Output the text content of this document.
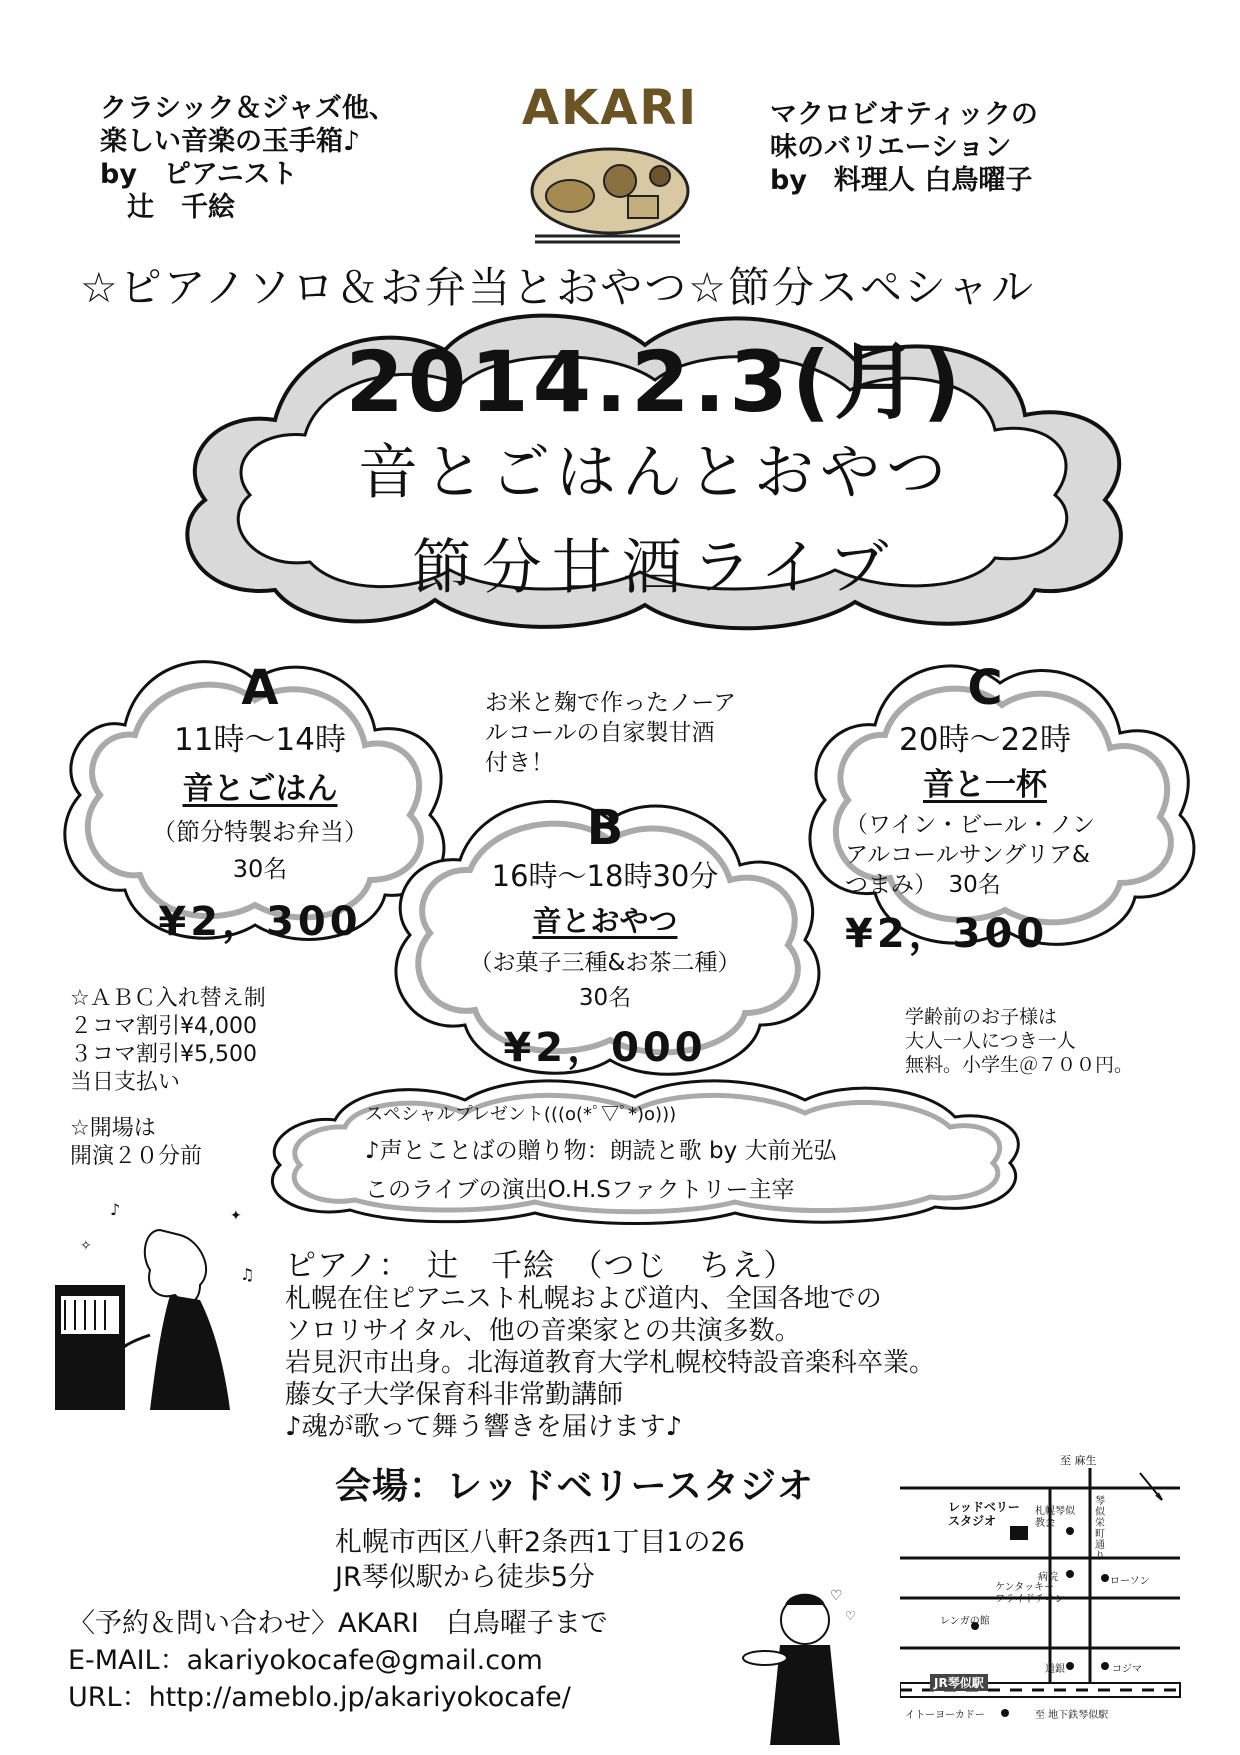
クラシック＆ジャズ他、
楽しい音楽の玉手箱♪
by　ピアニスト
　辻　千絵
AKARI	マクロビオティックの
味のバリエーション
by　料理人 白鳥曜子
☆ピアノソロ＆お弁当とおやつ☆節分スペシャル
2014.2.3(月)
音とごはんとおやつ
節分甘酒ライブ
A
11時〜14時
音とごはん
（節分特製お弁当）
30名
¥2，300
お米と麹で作ったノーア
ルコールの自家製甘酒
付き！
B
16時〜18時30分
音とおやつ
（お菓子三種&お茶二種）
30名
¥2，000
C
20時〜22時
音と一杯
（ワイン・ビール・ノン
アルコールサングリア&
つまみ）　30名
¥2，300
☆ＡＢＣ入れ替え制
２コマ割引¥4,000
３コマ割引¥5,500
当日支払い
☆開場は
開演２０分前
学齢前のお子様は
大人一人につき一人
無料。小学生＠７００円。
スペシャルプレゼント(((o(*ﾟ▽ﾟ*)o)))
♪声とことばの贈り物：朗読と歌 by 大前光弘
このライブの演出O.H.Sファクトリー主宰
♪	✦
✧
♫ ピアノ：　辻　千絵　（つじ　ちえ）
札幌在住ピアニスト札幌および道内、全国各地での
ソロリサイタル、他の音楽家との共演多数。
岩見沢市出身。北海道教育大学札幌校特設音楽科卒業。
藤女子大学保育科非常勤講師
♪魂が歌って舞う響きを届けます♪
会場：レッドベリースタジオ
札幌市西区八軒2条西1丁目1の26
JR琴似駅から徒歩5分
♡
♡
〈予約＆問い合わせ〉AKARI　白鳥曜子まで
E-MAIL：akariyokocafe@gmail.com
URL：http://ameblo.jp/akariyokocafe/
至 麻生
レッドベリー
スタジオ
札幌琴似
教会
琴似栄町通り
病院
ケンタッキー
フライドチキン
ローソン
レンガの館
道銀	コジマ
JR琴似駅
イトーヨーカドー	至 地下鉄琴似駅
